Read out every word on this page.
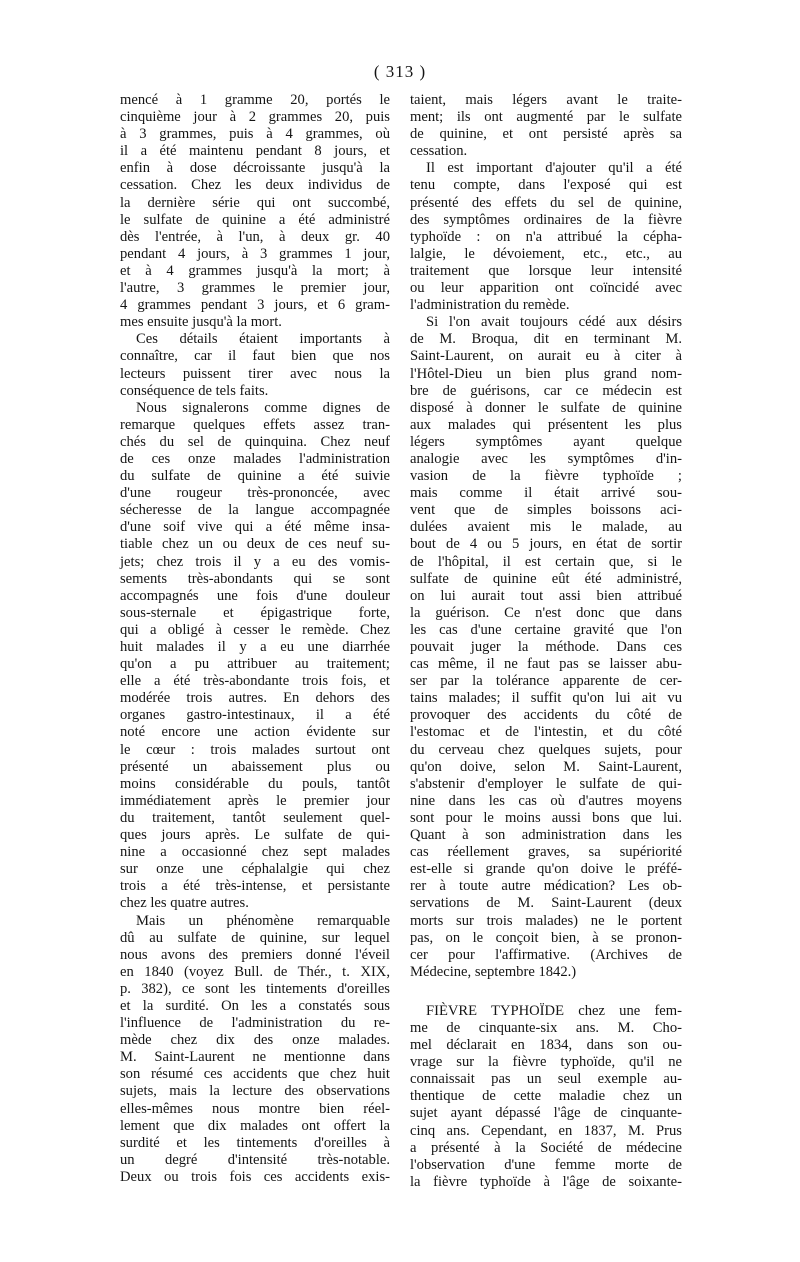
( 313 )
mencé à 1 gramme 20, portés le
cinquième jour à 2 grammes 20, puis
à 3 grammes, puis à 4 grammes, où
il a été maintenu pendant 8 jours, et
enfin à dose décroissante jusqu'à la
cessation. Chez les deux individus de
la dernière série qui ont succombé,
le sulfate de quinine a été administré
dès l'entrée, à l'un, à deux gr. 40
pendant 4 jours, à 3 grammes 1 jour,
et à 4 grammes jusqu'à la mort; à
l'autre, 3 grammes le premier jour,
4 grammes pendant 3 jours, et 6 gram-
mes ensuite jusqu'à la mort.
Ces détails étaient importants à
connaître, car il faut bien que nos
lecteurs puissent tirer avec nous la
conséquence de tels faits.
Nous signalerons comme dignes de
remarque quelques effets assez tran-
chés du sel de quinquina. Chez neuf
de ces onze malades l'administration
du sulfate de quinine a été suivie
d'une rougeur très-prononcée, avec
sécheresse de la langue accompagnée
d'une soif vive qui a été même insa-
tiable chez un ou deux de ces neuf su-
jets; chez trois il y a eu des vomis-
sements très-abondants qui se sont
accompagnés une fois d'une douleur
sous-sternale et épigastrique forte,
qui a obligé à cesser le remède. Chez
huit malades il y a eu une diarrhée
qu'on a pu attribuer au traitement;
elle a été très-abondante trois fois, et
modérée trois autres. En dehors des
organes gastro-intestinaux, il a été
noté encore une action évidente sur
le cœur : trois malades surtout ont
présenté un abaissement plus ou
moins considérable du pouls, tantôt
immédiatement après le premier jour
du traitement, tantôt seulement quel-
ques jours après. Le sulfate de qui-
nine a occasionné chez sept malades
sur onze une céphalalgie qui chez
trois a été très-intense, et persistante
chez les quatre autres.
Mais un phénomène remarquable
dû au sulfate de quinine, sur lequel
nous avons des premiers donné l'éveil
en 1840 (voyez Bull. de Thér., t. XIX,
p. 382), ce sont les tintements d'oreilles
et la surdité. On les a constatés sous
l'influence de l'administration du re-
mède chez dix des onze malades.
M. Saint-Laurent ne mentionne dans
son résumé ces accidents que chez huit
sujets, mais la lecture des observations
elles-mêmes nous montre bien réel-
lement que dix malades ont offert la
surdité et les tintements d'oreilles à
un degré d'intensité très-notable.
Deux ou trois fois ces accidents exis-
taient, mais légers avant le traite-
ment; ils ont augmenté par le sulfate
de quinine, et ont persisté après sa
cessation.
Il est important d'ajouter qu'il a été
tenu compte, dans l'exposé qui est
présenté des effets du sel de quinine,
des symptômes ordinaires de la fièvre
typhoïde : on n'a attribué la cépha-
lalgie, le dévoiement, etc., etc., au
traitement que lorsque leur intensité
ou leur apparition ont coïncidé avec
l'administration du remède.
Si l'on avait toujours cédé aux désirs
de M. Broqua, dit en terminant M.
Saint-Laurent, on aurait eu à citer à
l'Hôtel-Dieu un bien plus grand nom-
bre de guérisons, car ce médecin est
disposé à donner le sulfate de quinine
aux malades qui présentent les plus
légers symptômes ayant quelque
analogie avec les symptômes d'in-
vasion de la fièvre typhoïde ;
mais comme il était arrivé sou-
vent que de simples boissons aci-
dulées avaient mis le malade, au
bout de 4 ou 5 jours, en état de sortir
de l'hôpital, il est certain que, si le
sulfate de quinine eût été administré,
on lui aurait tout assi bien attribué
la guérison. Ce n'est donc que dans
les cas d'une certaine gravité que l'on
pouvait juger la méthode. Dans ces
cas même, il ne faut pas se laisser abu-
ser par la tolérance apparente de cer-
tains malades; il suffit qu'on lui ait vu
provoquer des accidents du côté de
l'estomac et de l'intestin, et du côté
du cerveau chez quelques sujets, pour
qu'on doive, selon M. Saint-Laurent,
s'abstenir d'employer le sulfate de qui-
nine dans les cas où d'autres moyens
sont pour le moins aussi bons que lui.
Quant à son administration dans les
cas réellement graves, sa supériorité
est-elle si grande qu'on doive le préfé-
rer à toute autre médication? Les ob-
servations de M. Saint-Laurent (deux
morts sur trois malades) ne le portent
pas, on le conçoit bien, à se pronon-
cer pour l'affirmative. (Archives de
Médecine, septembre 1842.)
FIÈVRE TYPHOÏDE chez une fem-
me de cinquante-six ans. M. Cho-
mel déclarait en 1834, dans son ou-
vrage sur la fièvre typhoïde, qu'il ne
connaissait pas un seul exemple au-
thentique de cette maladie chez un
sujet ayant dépassé l'âge de cinquante-
cinq ans. Cependant, en 1837, M. Prus
a présenté à la Société de médecine
l'observation d'une femme morte de
la fièvre typhoïde à l'âge de soixante-
